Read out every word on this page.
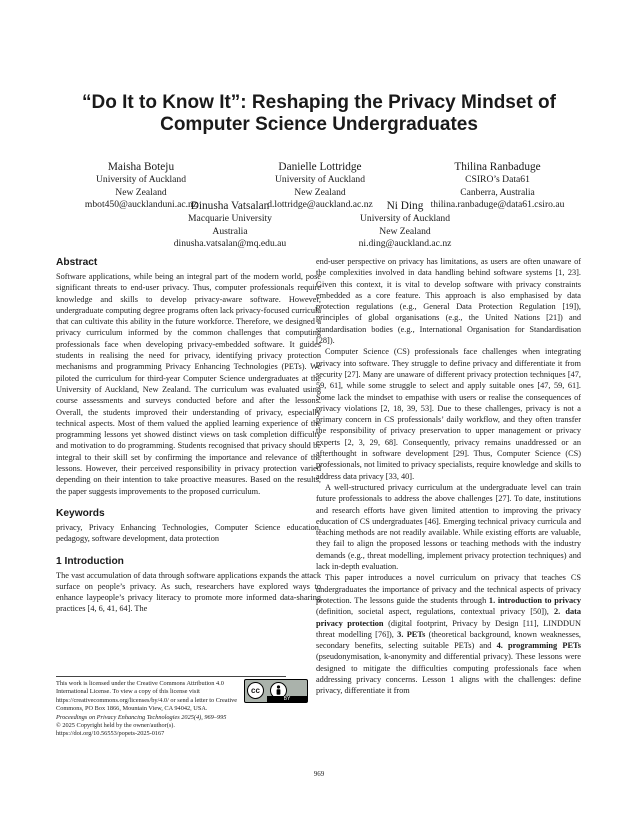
“Do It to Know It”: Reshaping the Privacy Mindset of Computer Science Undergraduates
Maisha Boteju
University of Auckland
New Zealand
mbot450@aucklanduni.ac.nz
Danielle Lottridge
University of Auckland
New Zealand
d.lottridge@auckland.ac.nz
Thilina Ranbaduge
CSIRO’s Data61
Canberra, Australia
thilina.ranbaduge@data61.csiro.au
Dinusha Vatsalan
Macquarie University
Australia
dinusha.vatsalan@mq.edu.au
Ni Ding
University of Auckland
New Zealand
ni.ding@auckland.ac.nz
Abstract

Software applications, while being an integral part of the modern world, pose significant threats to end-user privacy. Thus, computer professionals require knowledge and skills to develop privacy-aware software. However, undergraduate computing degree programs often lack privacy-focused curricula that can cultivate this ability in the future workforce. Therefore, we designed a privacy curriculum informed by the common challenges that computing professionals face when developing privacy-embedded software. It guides students in realising the need for privacy, identifying privacy protection mechanisms and programming Privacy Enhancing Technologies (PETs). We piloted the curriculum for third-year Computer Science undergraduates at the University of Auckland, New Zealand. The curriculum was evaluated using course assessments and surveys conducted before and after the lessons. Overall, the students improved their understanding of privacy, especially technical aspects. Most of them valued the applied learning experience of the programming lessons yet showed distinct views on task completion difficulty and motivation to do programming. Students recognised that privacy should be integral to their skill set by confirming the importance and relevance of the lessons. However, their perceived responsibility in privacy protection varied depending on their intention to take proactive measures. Based on the results, the paper suggests improvements to the proposed curriculum.

Keywords

privacy, Privacy Enhancing Technologies, Computer Science education, pedagogy, software development, data protection

1 Introduction

The vast accumulation of data through software applications expands the attack surface on people’s privacy. As such, researchers have explored ways to enhance laypeople’s privacy literacy to promote more informed data-sharing practices [4, 6, 41, 64]. The

This work is licensed under the Creative Commons Attribution 4.0 International License. To view a copy of this license visit https://creativecommons.org/licenses/by/4.0/ or send a letter to Creative Commons, PO Box 1866, Mountain View, CA 94042, USA.
Proceedings on Privacy Enhancing Technologies 2025(4), 969–995
© 2025 Copyright held by the owner/author(s).
https://doi.org/10.56553/popets-2025-0167
cc
BY

end-user perspective on privacy has limitations, as users are often unaware of the complexities involved in data handling behind software systems [1, 23]. Given this context, it is vital to develop software with privacy constraints embedded as a core feature. This approach is also emphasised by data protection regulations (e.g., General Data Protection Regulation [19]), principles of global organisations (e.g., the United Nations [21]) and standardisation bodies (e.g., International Organisation for Standardisation [28]).

Computer Science (CS) professionals face challenges when integrating privacy into software. They struggle to define privacy and differentiate it from security [27]. Many are unaware of different privacy protection techniques [47, 59, 61], while some struggle to select and apply suitable ones [47, 59, 61]. Some lack the mindset to empathise with users or realise the consequences of privacy violations [2, 18, 39, 53]. Due to these challenges, privacy is not a primary concern in CS professionals’ daily workflow, and they often transfer the responsibility of privacy preservation to upper management or privacy experts [2, 3, 29, 68]. Consequently, privacy remains unaddressed or an afterthought in software development [29]. Thus, Computer Science (CS) professionals, not limited to privacy specialists, require knowledge and skills to address data privacy [33, 40].

A well-structured privacy curriculum at the undergraduate level can train future professionals to address the above challenges [27]. To date, institutions and research efforts have given limited attention to improving the privacy education of CS undergraduates [46]. Emerging technical privacy curricula and teaching methods are not readily available. While existing efforts are valuable, they fail to align the proposed lessons or teaching methods with the industry demands (e.g., threat modelling, implement privacy protection techniques) and lack in-depth evaluation.

This paper introduces a novel curriculum on privacy that teaches CS undergraduates the importance of privacy and the technical aspects of privacy protection. The lessons guide the students through 1. introduction to privacy (definition, societal aspect, regulations, contextual privacy [50]), 2. data privacy protection (digital footprint, Privacy by Design [11], LINDDUN threat modelling [76]), 3. PETs (theoretical background, known weaknesses, secondary benefits, selecting suitable PETs) and 4. programming PETs (pseudonymisation, k-anonymity and differential privacy). These lessons were designed to mitigate the difficulties computing professionals face when addressing privacy concerns. Lesson 1 aligns with the challenges: define privacy, differentiate it from

969
